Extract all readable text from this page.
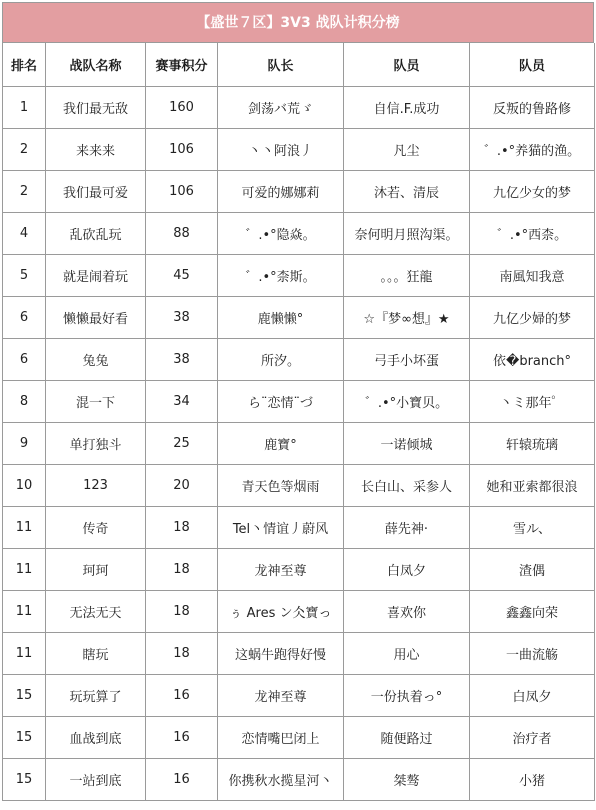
【盛世７区】3V3 战队计积分榜
排名	战队名称	赛事积分	队长	队员	队员
1	我们最无敌	160	剑荡バ荒ゞ	自信.F.成功	反叛的鲁路修
2	来来来	106	丶丶阿浪丿	凡尘	゛.•°养猫的渔。
2	我们最可爱	106	可爱的娜娜莉	沐若、清辰	九亿少女的梦
4	乱砍乱玩	88	゛.•°隐焱。	奈何明月照沟渠。	゛.•°西柰。
5	就是闹着玩	45	゛.•°柰斯。	。。。狂龍	南風知我意
6	懒懒最好看	38	鹿懒懒°	☆『梦∞想』★	九亿少婦的梦
6	兔兔	38	所汐。	弓手小坏蛋	依�branch°
8	混一下	34	ら¨恋情¨づ	゛.•°小寶贝。	丶ミ那年゜
9	单打独斗	25	鹿寶°	一诺倾城	轩辕琉璃
10	123	20	青天色等烟雨	长白山、采参人	她和亚索都很浪
11	传奇	18	Tel丶情谊丿蔚风	薛先神·	雪ル、
11	珂珂	18	龙神至尊	白凤夕	渣偶
11	无法无天	18	ぅ Ares ン仌寶っ	喜欢你	鑫鑫向荣
11	瞎玩	18	这蜗牛跑得好慢	用心	一曲流觞
15	玩玩算了	16	龙神至尊	一份执着っ°	白凤夕
15	血战到底	16	恋情嘴巴闭上	随便路过	治疗者
15	一站到底	16	你携秋水揽星河丶	桀骜	小猪
